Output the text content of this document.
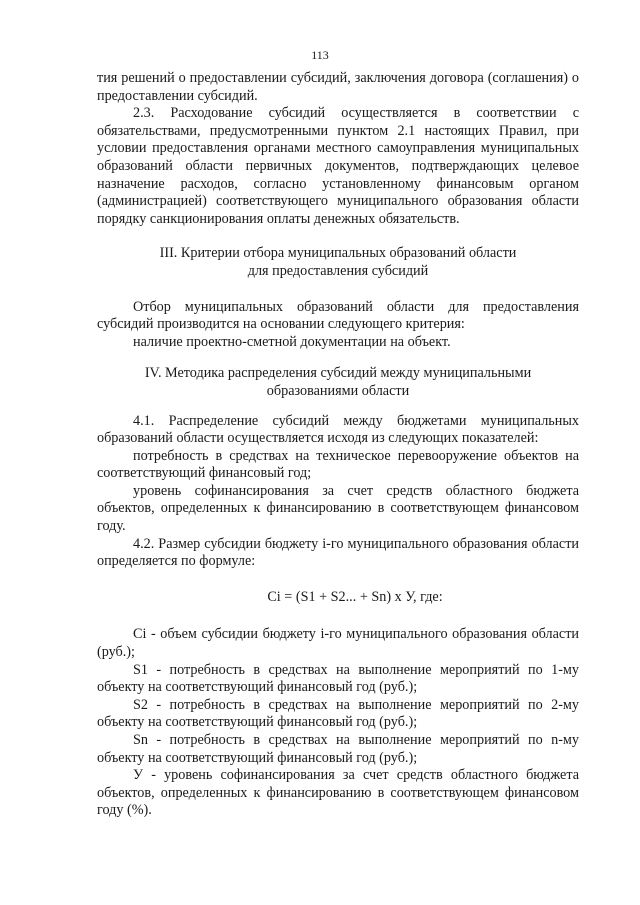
113

тия решений о предоставлении субсидий, заключения договора (соглашения) о предоставлении субсидий.

2.3. Расходование субсидий осуществляется в соответствии с обязательствами, предусмотренными пунктом 2.1 настоящих Правил, при условии предоставления органами местного самоуправления муниципальных образований области первичных документов, подтверждающих целевое назначение расходов, согласно установленному финансовым органом (администрацией) соответствующего муниципального образования области порядку санкционирования оплаты денежных обязательств.

III. Критерии отбора муниципальных образований области

для предоставления субсидий

Отбор муниципальных образований области для предоставления субсидий производится на основании следующего критерия:

наличие проектно-сметной документации на объект.

IV. Методика распределения субсидий между муниципальными

образованиями области

4.1. Распределение субсидий между бюджетами муниципальных образований области осуществляется исходя из следующих показателей:

потребность в средствах на техническое перевооружение объектов на соответствующий финансовый год;

уровень софинансирования за счет средств областного бюджета объектов, определенных к финансированию в соответствующем финансовом году.

4.2. Размер субсидии бюджету i-го муниципального образования области определяется по формуле:

Ci = (S1 + S2... + Sn) x У, где:

Ci - объем субсидии бюджету i-го муниципального образования области (руб.);

S1 - потребность в средствах на выполнение мероприятий по 1-му объекту на соответствующий финансовый год (руб.);

S2 - потребность в средствах на выполнение мероприятий по 2-му объекту на соответствующий финансовый год (руб.);

Sn - потребность в средствах на выполнение мероприятий по n-му объекту на соответствующий финансовый год (руб.);

У - уровень софинансирования за счет средств областного бюджета объектов, определенных к финансированию в соответствующем финансовом году (%).
